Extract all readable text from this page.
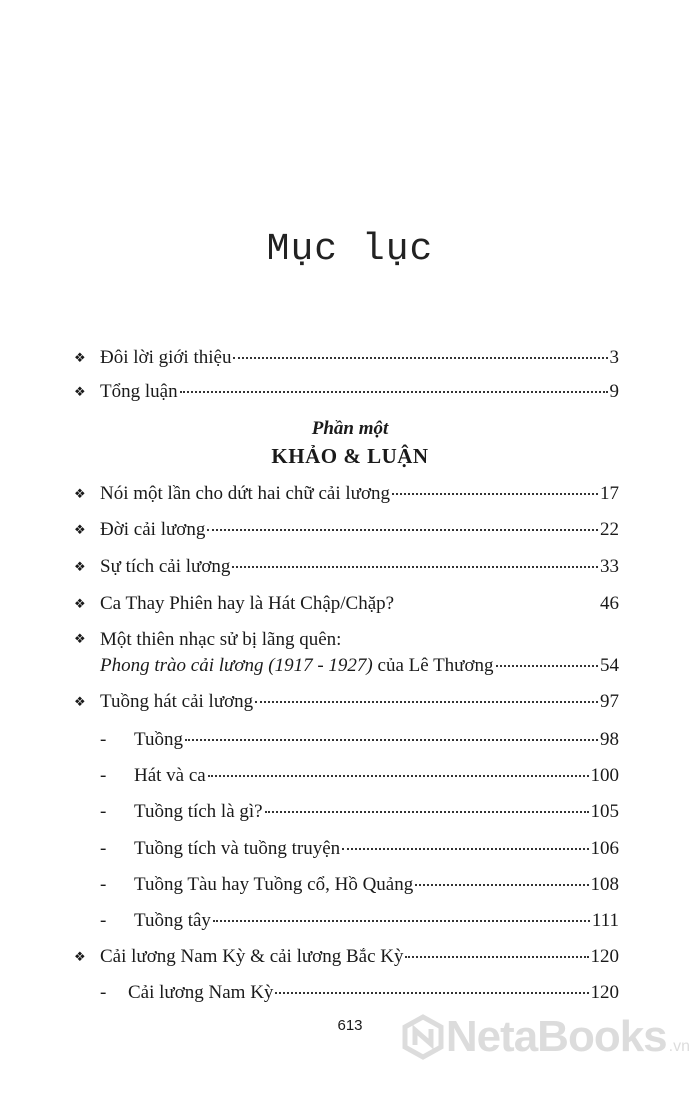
Mục lục
❖ Đôi lời giới thiệu	3
❖ Tổng luận	9
Phần một
KHẢO & LUẬN
❖ Nói một lần cho dứt hai chữ cải lương	17
❖ Đời cải lương	22
❖ Sự tích cải lương	33
❖ Ca Thay Phiên hay là Hát Chập/Chặp?	46
❖ Một thiên nhạc sử bị lãng quên:
Phong trào cải lương (1917 - 1927) của Lê Thương	54
❖ Tuồng hát cải lương	97
-	Tuồng	98
-	Hát và ca	100
-	Tuồng tích là gì?	105
-	Tuồng tích và tuồng truyện	106
-	Tuồng Tàu hay Tuồng cổ, Hồ Quảng	108
-	Tuồng tây	111
❖ Cải lương Nam Kỳ & cải lương Bắc Kỳ	120
-	Cải lương Nam Kỳ	120
613	NetaBooks .vn
